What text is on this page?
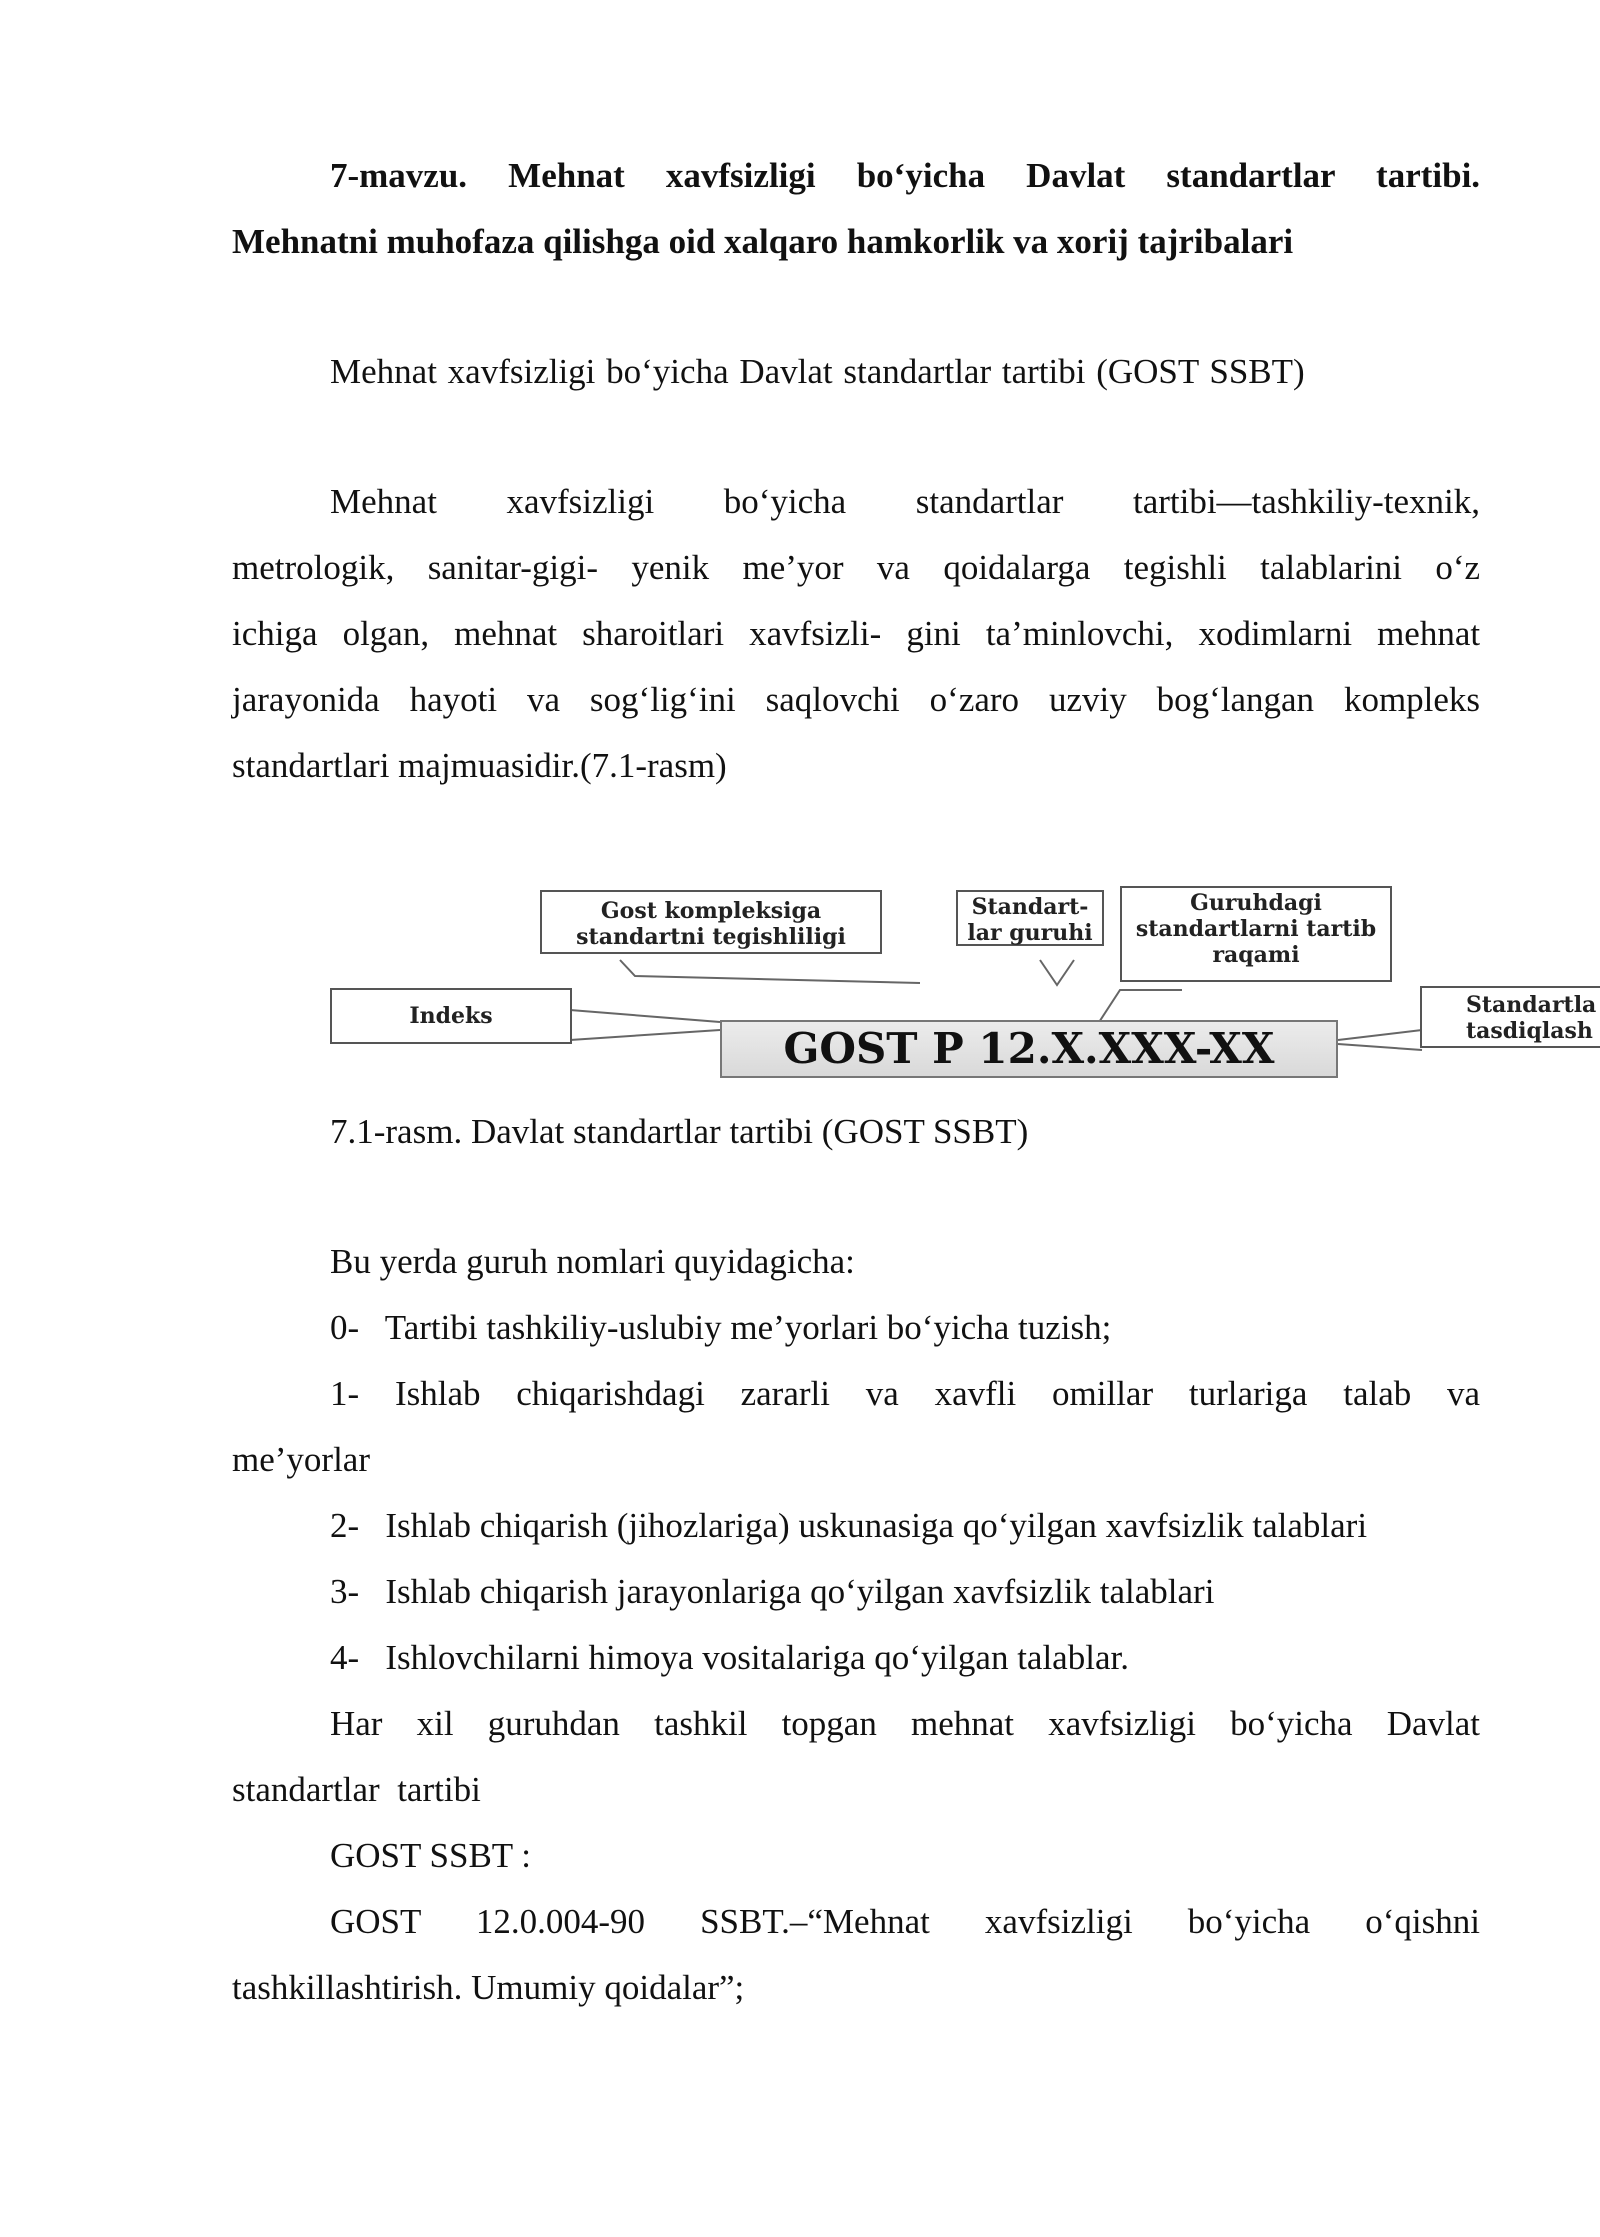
7-mavzu. Mehnat xavfsizligi bo‘yicha Davlat standartlar tartibi.
Mehnatni muhofaza qilishga oid xalqaro hamkorlik va xorij tajribalari
Mehnat xavfsizligi bo‘yicha Davlat standartlar tartibi (GOST SSBT)
Mehnat xavfsizligi bo‘yicha standartlar tartibi—tashkiliy-texnik,
metrologik, sanitar-gigi- yenik me’yor va qoidalarga tegishli talablarini o‘z
ichiga olgan, mehnat sharoitlari xavfsizli- gini ta’minlovchi, xodimlarni mehnat
jarayonida hayoti va sog‘lig‘ini saqlovchi o‘zaro uzviy bog‘langan kompleks
standartlari majmuasidir.(7.1-rasm)
Indeks
Gost kompleksiga
standartni tegishliligi
Standart-
lar guruhi
Guruhdagi
standartlarni tartib
raqami
Standartla
tasdiqlash
GOST P 12.X.XXX-XX
7.1-rasm. Davlat standartlar tartibi (GOST SSBT)
Bu yerda guruh nomlari quyidagicha:
0-   Tartibi tashkiliy-uslubiy me’yorlari bo‘yicha tuzish;
1- Ishlab chiqarishdagi zararli va xavfli omillar turlariga talab va
me’yorlar
2-   Ishlab chiqarish (jihozlariga) uskunasiga qo‘yilgan xavfsizlik talablari
3-   Ishlab chiqarish jarayonlariga qo‘yilgan xavfsizlik talablari
4-   Ishlovchilarni himoya vositalariga qo‘yilgan talablar.
Har xil guruhdan tashkil topgan mehnat xavfsizligi bo‘yicha Davlat
standartlar  tartibi
GOST SSBT :
GOST 12.0.004-90 SSBT.–“Mehnat xavfsizligi bo‘yicha o‘qishni
tashkillashtirish. Umumiy qoidalar”;
